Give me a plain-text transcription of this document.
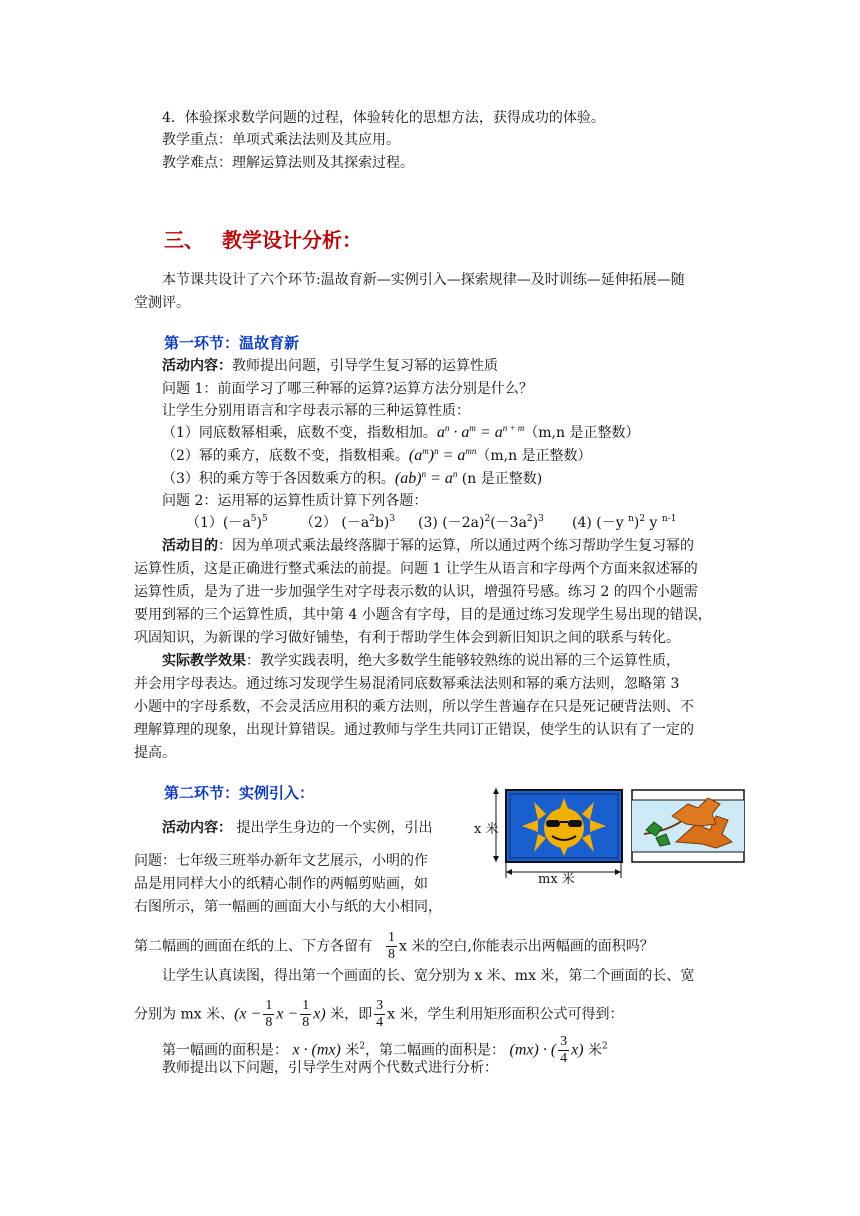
4．体验探求数学问题的过程，体验转化的思想方法，获得成功的体验。
教学重点：单项式乘法法则及其应用。
教学难点：理解运算法则及其探索过程。
三、 教学设计分析：
本节课共设计了六个环节:温故育新—实例引入—探索规律—及时训练—延伸拓展—随
堂测评。
第一环节：温故育新
活动内容：教师提出问题，引导学生复习幂的运算性质
问题 1：前面学习了哪三种幂的运算?运算方法分别是什么？
让学生分别用语言和字母表示幂的三种运算性质：
（1）同底数幂相乘，底数不变，指数相加。$a^n \cdot a^m = a^{n + m}(m,n$ 是正整数）
（2）幂的乘方，底数不变，指数相乘。$(a^m)^n = a^{mn}(m,n$ 是正整数）
（3）积的乘方等于各因数乘方的积。$(ab)^n = a^n$ (n 是正整数)
问题 2：运用幂的运算性质计算下列各题：
$(1)(-a^5)^5$ （2） $(-a^2b)^3$ (3) $(-2a)^2(-3a^2)^3$ (4) (－y $^n$)$^2$ y $^{n-1}$
活动目的：因为单项式乘法最终落脚于幂的运算，所以通过两个练习帮助学生复习幂的
运算性质，这是正确进行整式乘法的前提。问题 1 让学生从语言和字母两个方面来叙述幂的
运算性质，是为了进一步加强学生对字母表示数的认识，增强符号感。练习 2 的四个小题需
要用到幂的三个运算性质，其中第 4 小题含有字母，目的是通过练习发现学生易出现的错误，
巩固知识，为新课的学习做好铺垫，有利于帮助学生体会到新旧知识之间的联系与转化。
实际教学效果：教学实践表明，绝大多数学生能够较熟练的说出幂的三个运算性质，
并会用字母表达。通过练习发现学生易混淆同底数幂乘法法则和幂的乘方法则，忽略第 3
小题中的字母系数，不会灵活应用积的乘方法则，所以学生普遍存在只是死记硬背法则、不
理解算理的现象，出现计算错误。通过教师与学生共同订正错误，使学生的认识有了一定的
提高。
第二环节：实例引入：
活动内容： 提出学生身边的一个实例，引出
问题：七年级三班举办新年文艺展示，小明的作
品是用同样大小的纸精心制作的两幅剪贴画，如
右图所示，第一幅画的画面大小与纸的大小相同，
第二幅画的画面在纸的上、下方各留有 $\frac{1}{8}$ x 米的空白,你能表示出两幅画的面积吗？
让学生认真读图，得出第一个画面的长、宽分别为 x 米、mx 米，第二个画面的长、宽
分别为 mx 米、($x - \frac{1}{8}$ $x - \frac{1}{8} x$) 米，即 $\frac{3}{4}$ x 米，学生利用矩形面积公式可得到：
第一幅画的面积是： x · (mx) 米$^2$，第二幅画的面积是： (mx) · ( $\frac{3}{4} x$) 米$^2$
教师提出以下问题，引导学生对两个代数式进行分析：
x 米
mx 米
